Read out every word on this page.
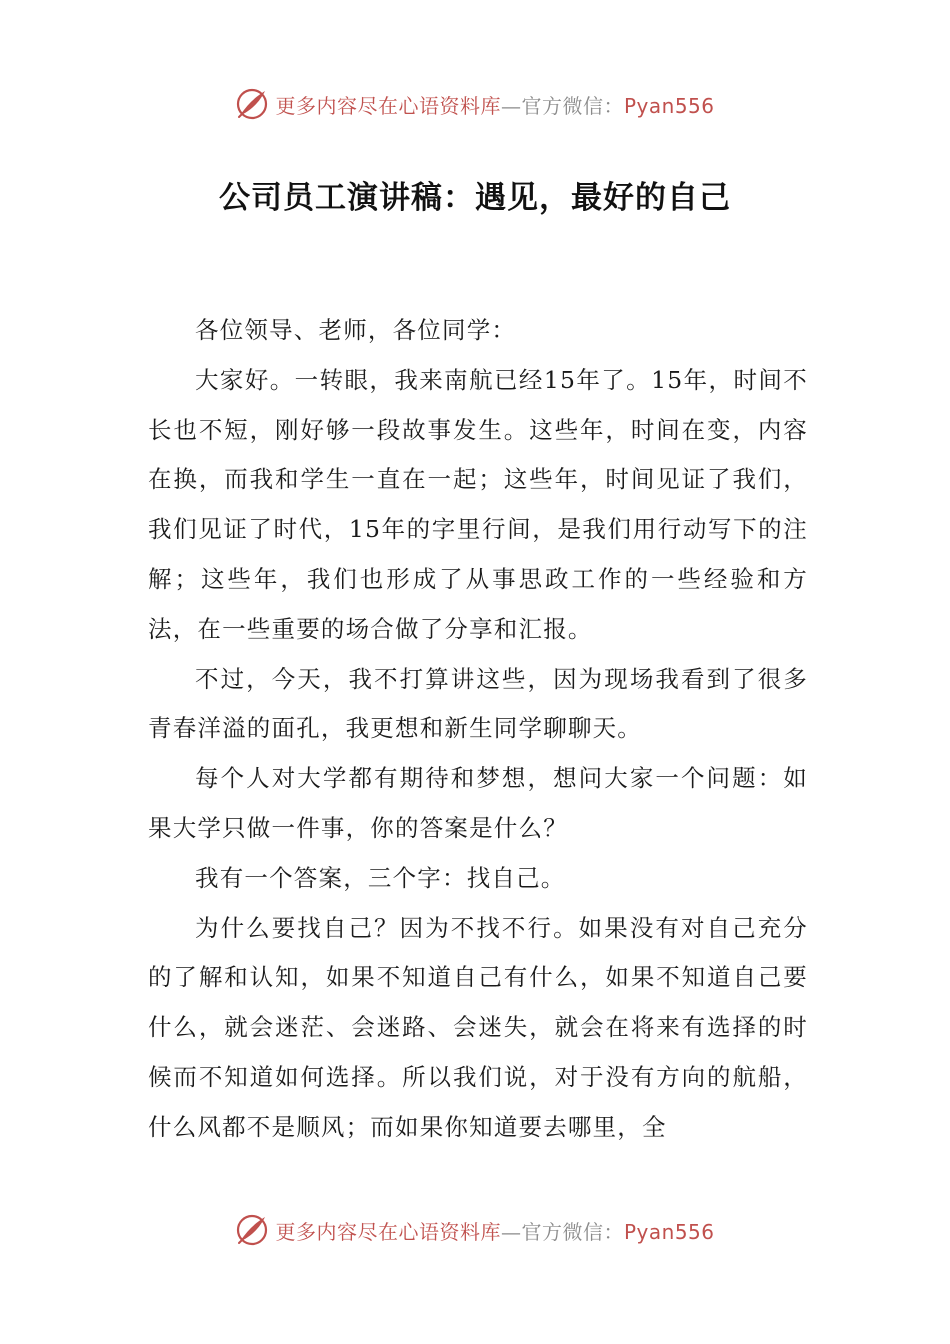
更多内容尽在心语资料库—官方微信：Pyan556
公司员工演讲稿：遇见，最好的自己

各位领导、老师，各位同学：

大家好。一转眼，我来南航已经15年了。15年，时间不长也不短，刚好够一段故事发生。这些年，时间在变，内容在换，而我和学生一直在一起；这些年，时间见证了我们，我们见证了时代，15年的字里行间，是我们用行动写下的注解；这些年，我们也形成了从事思政工作的一些经验和方法，在一些重要的场合做了分享和汇报。

不过，今天，我不打算讲这些，因为现场我看到了很多青春洋溢的面孔，我更想和新生同学聊聊天。

每个人对大学都有期待和梦想，想问大家一个问题：如果大学只做一件事，你的答案是什么？

我有一个答案，三个字：找自己。

为什么要找自己？因为不找不行。如果没有对自己充分的了解和认知，如果不知道自己有什么，如果不知道自己要什么，就会迷茫、会迷路、会迷失，就会在将来有选择的时候而不知道如何选择。所以我们说，对于没有方向的航船，什么风都不是顺风；而如果你知道要去哪里，全

更多内容尽在心语资料库—官方微信：Pyan556
